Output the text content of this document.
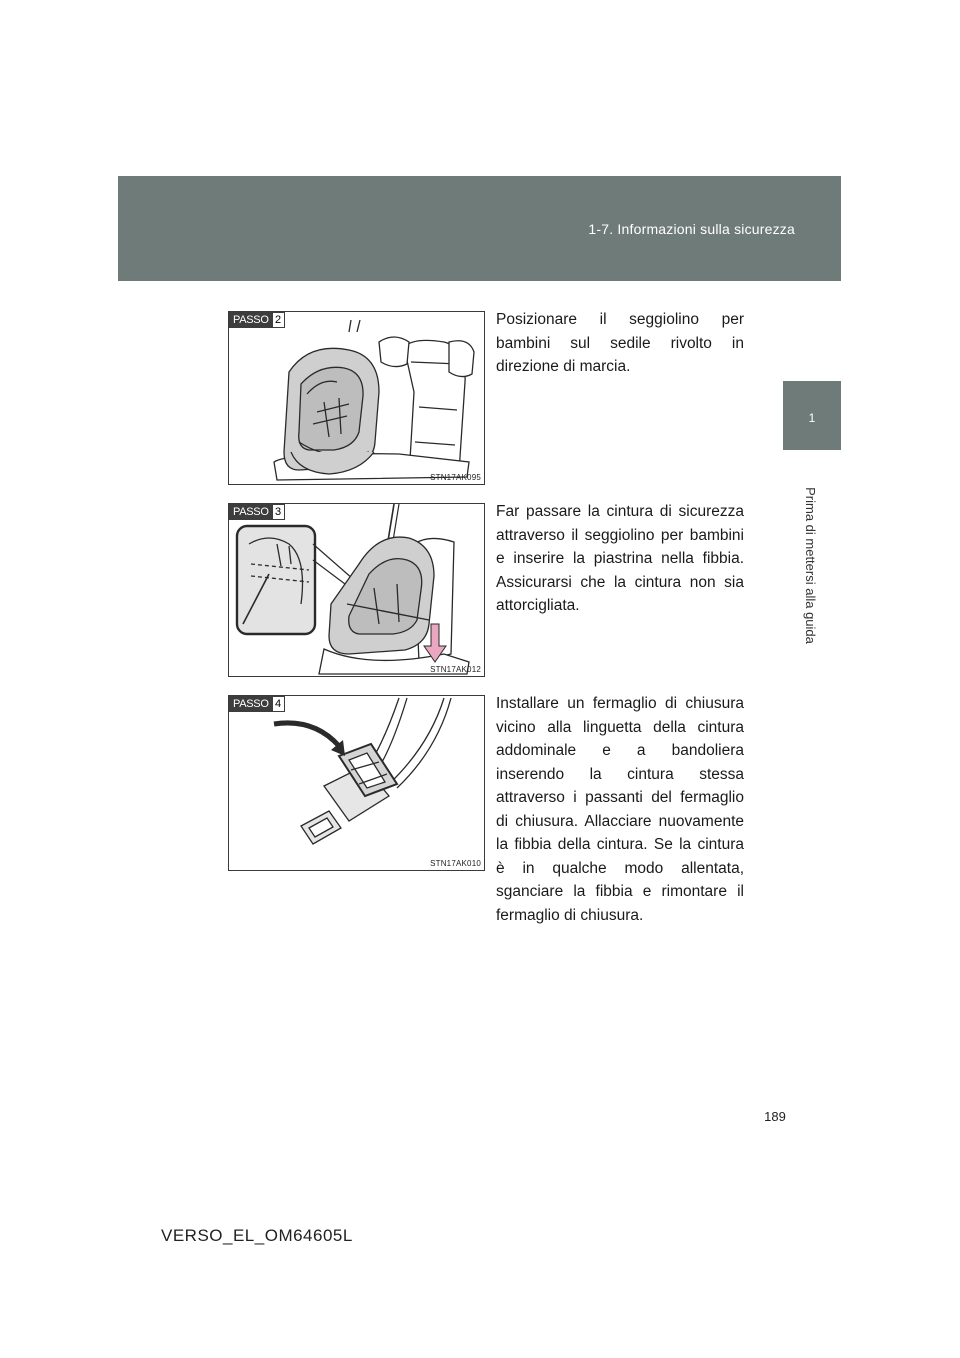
1-7. Informazioni sulla sicurezza
1
Prima di mettersi alla guida
PASSO 2
STN17AK095
Posizionare il seggiolino per bambini sul sedile rivolto in direzione di marcia.
PASSO 3
STN17AK012
Far passare la cintura di sicurezza attraverso il seggiolino per bambini e inserire la piastrina nella fibbia. Assicurarsi che la cintura non sia attorcigliata.
PASSO 4
STN17AK010
Installare un fermaglio di chiusura vicino alla linguetta della cintura addominale e a bandoliera inserendo la cintura stessa attraverso i passanti del fermaglio di chiusura. Allacciare nuovamente la fibbia della cintura. Se la cintura è in qualche modo allentata, sganciare la fibbia e rimontare il fermaglio di chiusura.
189
VERSO_EL_OM64605L
